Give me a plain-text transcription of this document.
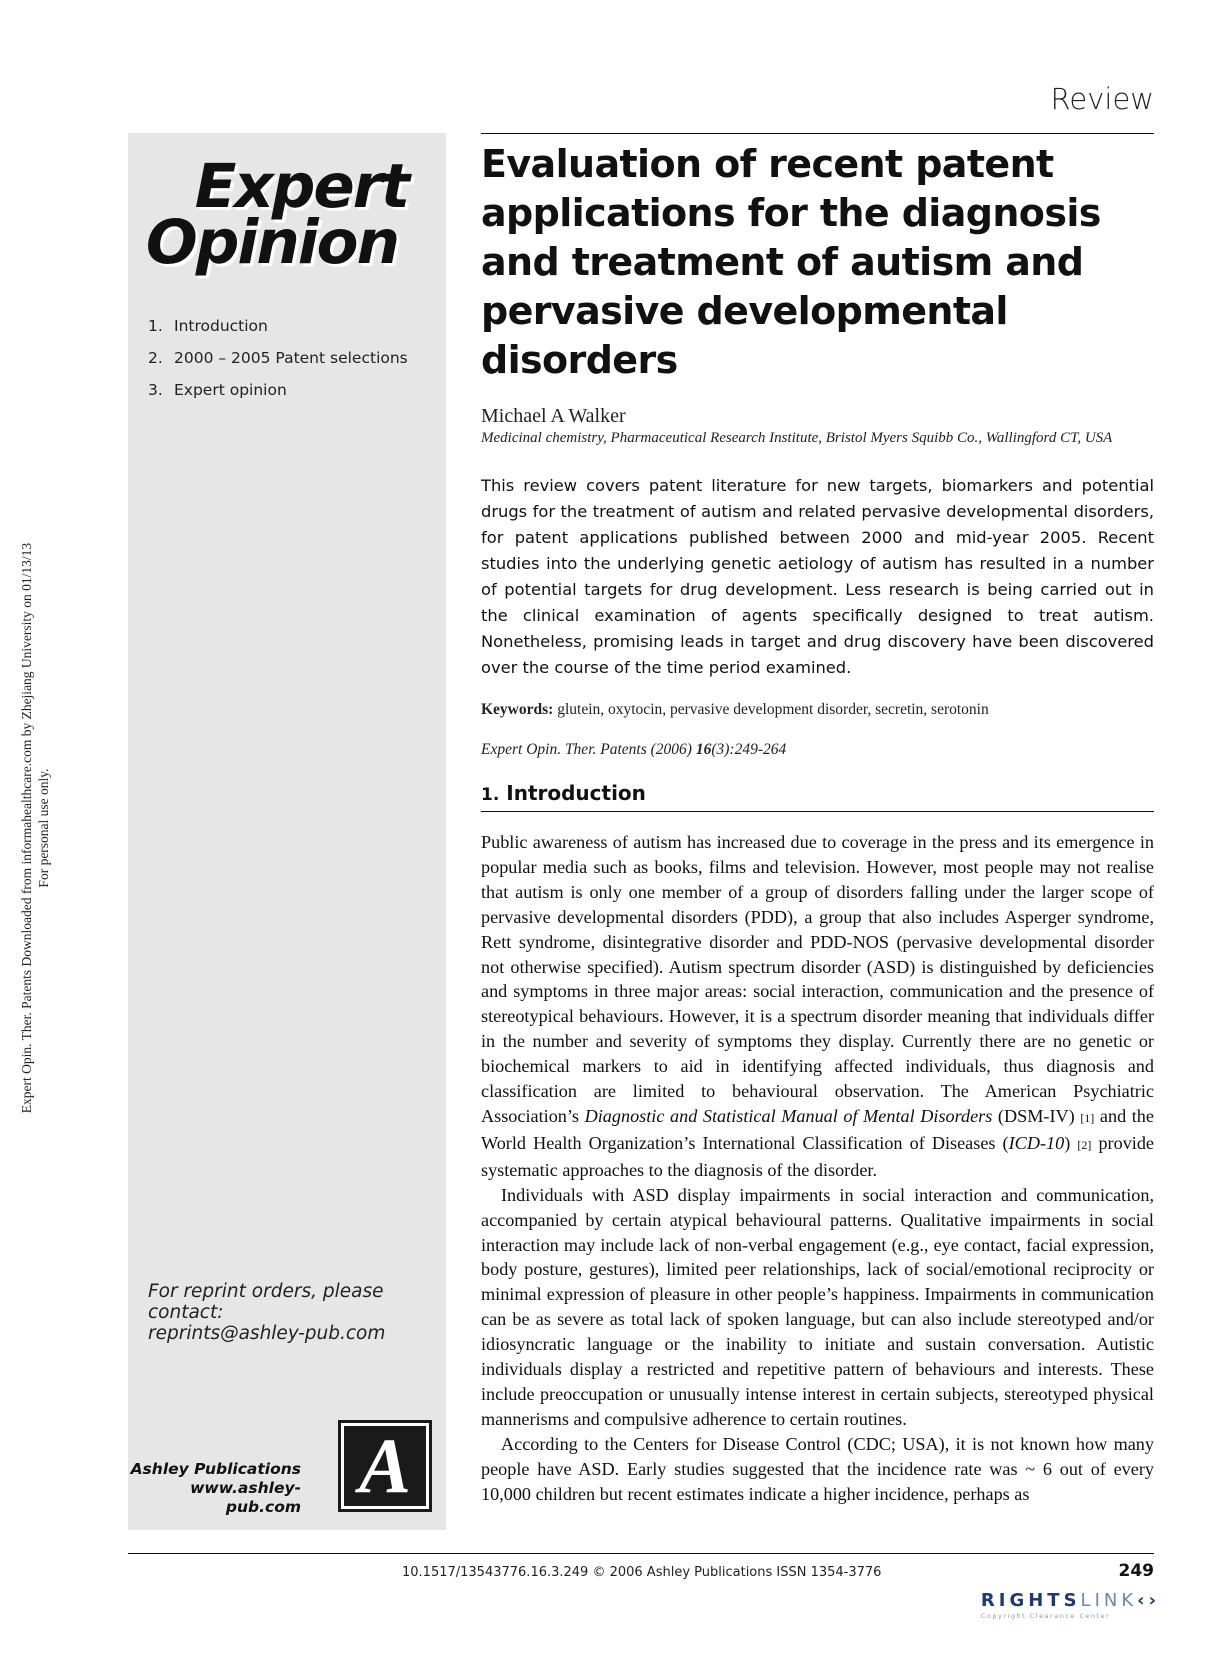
Expert Opin. Ther. Patents Downloaded from informahealthcare.com by Zhejiang University on 01/13/13 For personal use only.
Review
Expert
Opinion
1. Introduction
2. 2000 – 2005 Patent selections
3. Expert opinion
For reprint orders, please
contact:
reprints@ashley-pub.com
Ashley Publications
www.ashley-pub.com A
Evaluation of recent patent applications for the diagnosis and treatment of autism and pervasive developmental disorders
Michael A Walker
Medicinal chemistry, Pharmaceutical Research Institute, Bristol Myers Squibb Co., Wallingford CT, USA
This review covers patent literature for new targets, biomarkers and potential drugs for the treatment of autism and related pervasive developmental disorders, for patent applications published between 2000 and mid-year 2005. Recent studies into the underlying genetic aetiology of autism has resulted in a number of potential targets for drug development. Less research is being carried out in the clinical examination of agents specifically designed to treat autism. Nonetheless, promising leads in target and drug discovery have been discovered over the course of the time period examined.
Keywords: glutein, oxytocin, pervasive development disorder, secretin, serotonin
Expert Opin. Ther. Patents (2006) 16(3):249-264
1. Introduction

Public awareness of autism has increased due to coverage in the press and its emergence in popular media such as books, films and television. However, most people may not realise that autism is only one member of a group of disorders falling under the larger scope of pervasive developmental disorders (PDD), a group that also includes Asperger syndrome, Rett syndrome, disintegrative disorder and PDD-NOS (pervasive developmental disorder not otherwise specified). Autism spectrum disorder (ASD) is distinguished by deficiencies and symptoms in three major areas: social interaction, communication and the presence of stereotypical behaviours. However, it is a spectrum disorder meaning that individuals differ in the number and severity of symptoms they display. Currently there are no genetic or biochemical markers to aid in identifying affected individuals, thus diagnosis and classification are limited to behavioural observation. The American Psychiatric Association’s Diagnostic and Statistical Manual of Mental Disorders (DSM-IV) [1] and the World Health Organization’s International Classification of Diseases (ICD-10) [2] provide systematic approaches to the diagnosis of the disorder.

Individuals with ASD display impairments in social interaction and communication, accompanied by certain atypical behavioural patterns. Qualitative impairments in social interaction may include lack of non-verbal engagement (e.g., eye contact, facial expression, body posture, gestures), limited peer relationships, lack of social/emotional reciprocity or minimal expression of pleasure in other people’s happiness. Impairments in communication can be as severe as total lack of spoken language, but can also include stereotyped and/or idiosyncratic language or the inability to initiate and sustain conversation. Autistic individuals display a restricted and repetitive pattern of behaviours and interests. These include preoccupation or unusually intense interest in certain subjects, stereotyped physical mannerisms and compulsive adherence to certain routines.

According to the Centers for Disease Control (CDC; USA), it is not known how many people have ASD. Early studies suggested that the incidence rate was ~ 6 out of every 10,000 children but recent estimates indicate a higher incidence, perhaps as

10.1517/13543776.16.3.249 © 2006 Ashley Publications ISSN 1354-3776	249
RIGHTSLINK‹›
Copyright Clearance Center
